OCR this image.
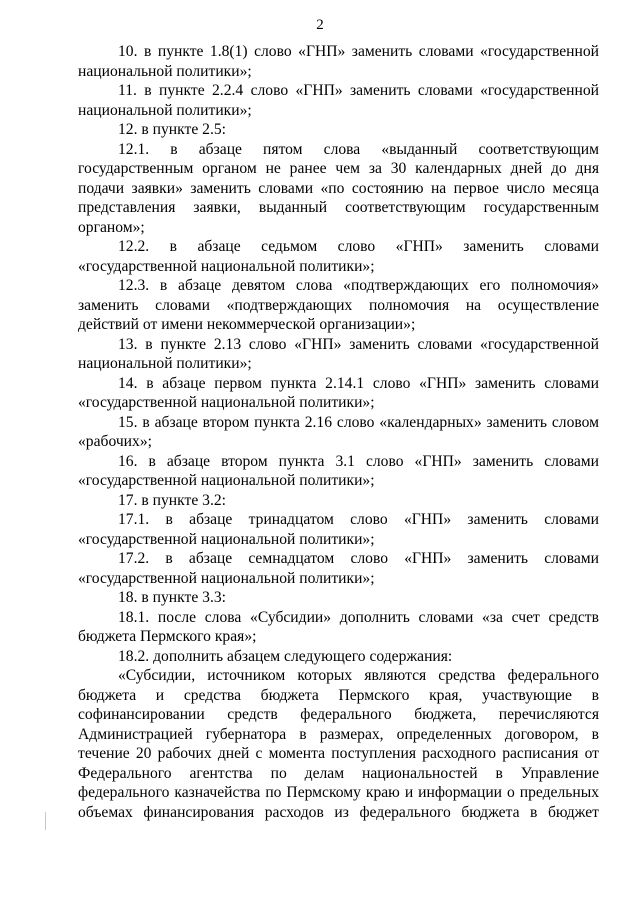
2

10. в пункте 1.8(1) слово «ГНП» заменить словами «государственной национальной политики»;

11. в пункте 2.2.4 слово «ГНП» заменить словами «государственной национальной политики»;

12. в пункте 2.5:

12.1. в абзаце пятом слова «выданный соответствующим государственным органом не ранее чем за 30 календарных дней до дня подачи заявки» заменить словами «по состоянию на первое число месяца представления заявки, выданный соответствующим государственным органом»;

12.2. в абзаце седьмом слово «ГНП» заменить словами «государственной национальной политики»;

12.3. в абзаце девятом слова «подтверждающих его полномочия» заменить словами «подтверждающих полномочия на осуществление действий от имени некоммерческой организации»;

13. в пункте 2.13 слово «ГНП» заменить словами «государственной национальной политики»;

14. в абзаце первом пункта 2.14.1 слово «ГНП» заменить словами «государственной национальной политики»;

15. в абзаце втором пункта 2.16 слово «календарных» заменить словом «рабочих»;

16. в абзаце втором пункта 3.1 слово «ГНП» заменить словами «государственной национальной политики»;

17. в пункте 3.2:

17.1. в абзаце тринадцатом слово «ГНП» заменить словами «государственной национальной политики»;

17.2. в абзаце семнадцатом слово «ГНП» заменить словами «государственной национальной политики»;

18. в пункте 3.3:

18.1. после слова «Субсидии» дополнить словами «за счет средств бюджета Пермского края»;

18.2. дополнить абзацем следующего содержания:

«Субсидии, источником которых являются средства федерального бюджета и средства бюджета Пермского края, участвующие в софинансировании средств федерального бюджета, перечисляются Администрацией губернатора в размерах, определенных договором, в течение 20 рабочих дней с момента поступления расходного расписания от Федерального агентства по делам национальностей в Управление федерального казначейства по Пермскому краю и информации о предельных объемах финансирования расходов из федерального бюджета в бюджет
